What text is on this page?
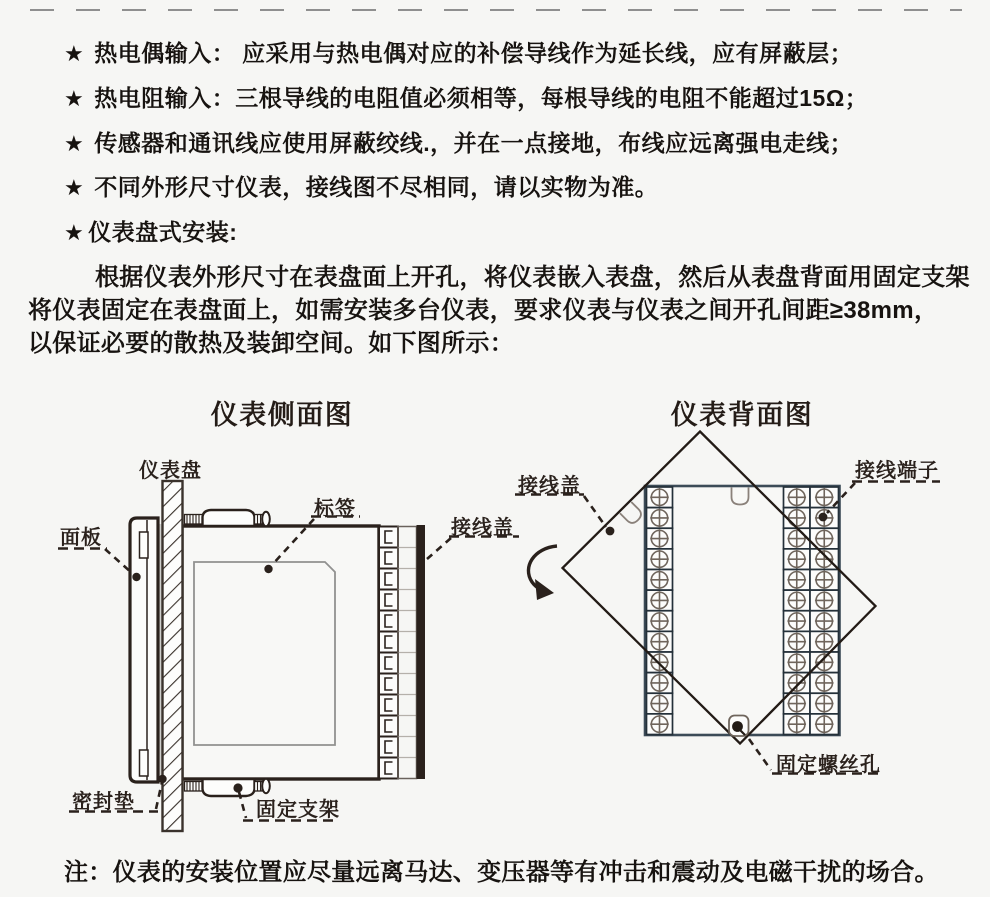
★ 热电偶输入： 应采用与热电偶对应的补偿导线作为延长线，应有屏蔽层；
★ 热电阻输入：三根导线的电阻值必须相等，每根导线的电阻不能超过15Ω；
★ 传感器和通讯线应使用屏蔽绞线.，并在一点接地，布线应远离强电走线；
★ 不同外形尺寸仪表，接线图不尽相同，请以实物为准。
★ 仪表盘式安装:
根据仪表外形尺寸在表盘面上开孔，将仪表嵌入表盘，然后从表盘背面用固定支架
将仪表固定在表盘面上，如需安装多台仪表，要求仪表与仪表之间开孔间距≥38mm，
以保证必要的散热及装卸空间。如下图所示：
仪表侧面图	仪表背面图
仪表盘
面板
标签
接线盖
密封垫	固定支架
接线盖
接线端子
固定螺丝孔
注：仪表的安装位置应尽量远离马达、变压器等有冲击和震动及电磁干扰的场合。
